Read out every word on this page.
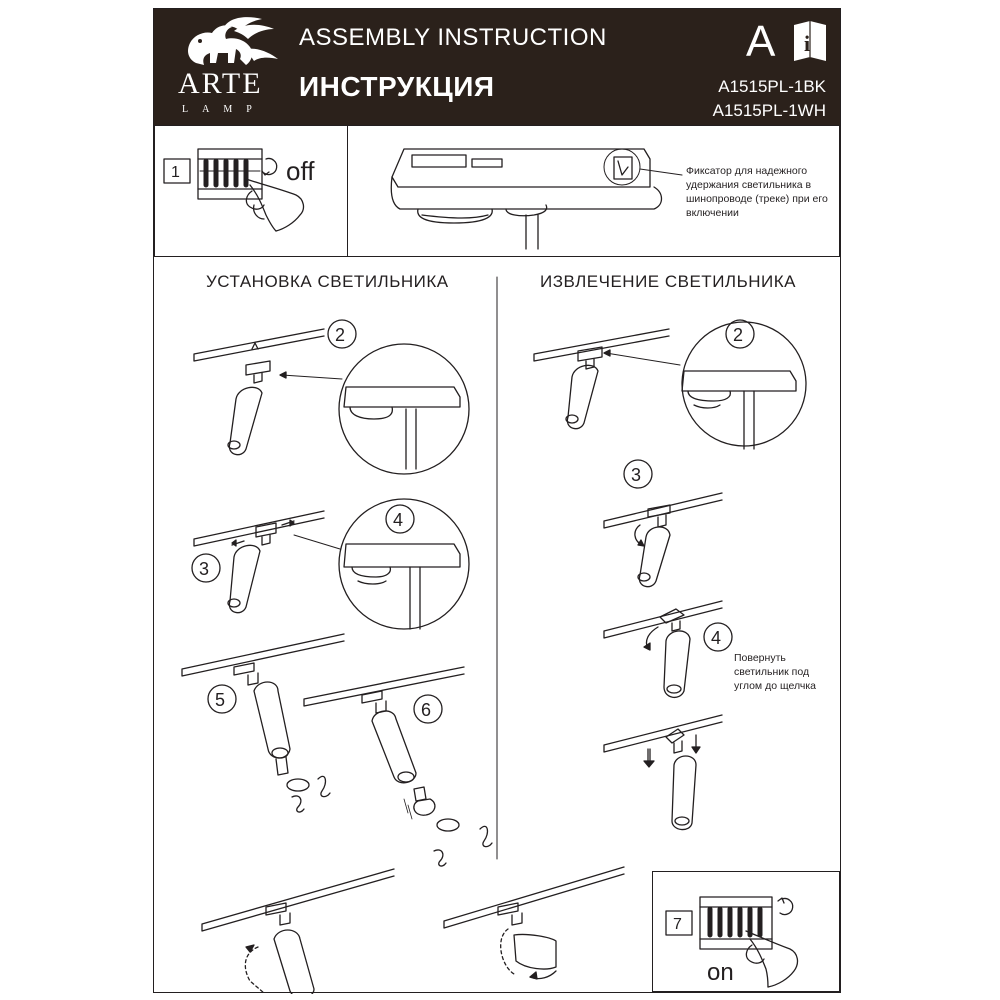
ARTE
LAMP
ASSEMBLY INSTRUCTION
ИНСТРУКЦИЯ
A i
A1515PL-1BK
A1515PL-1WH
УСТАНОВКА СВЕТИЛЬНИКА	ИЗВЛЕЧЕНИЕ СВЕТИЛЬНИКА
Фиксатор для надежного удержания светильника в шинопроводе (треке) при его включении
Повернуть светильник под углом до щелчка
off
on
1
2
3
4
5	6
2
3
4
7
